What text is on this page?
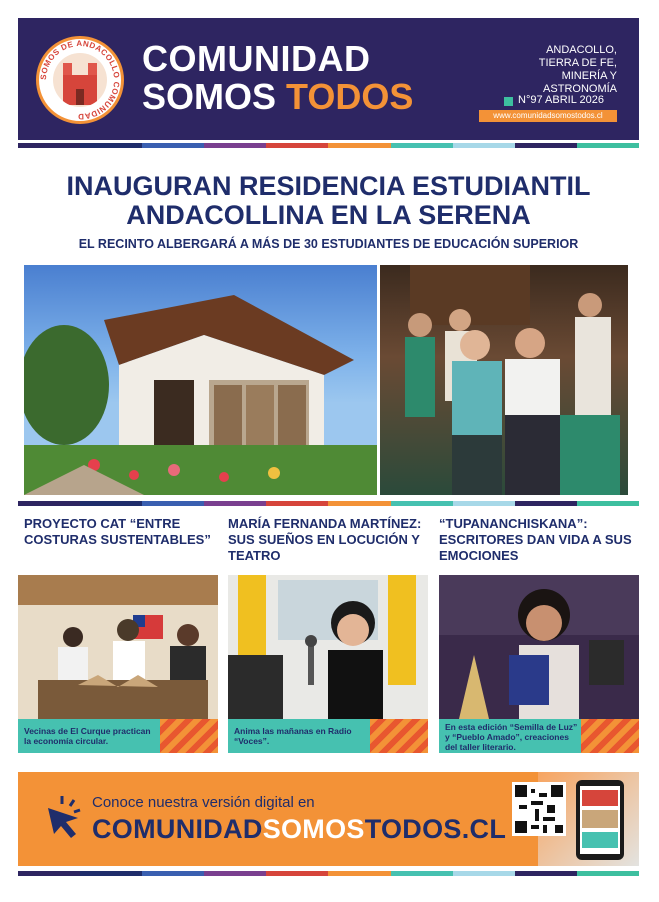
SOMOS DE ANDACOLLO COMUNIDAD
COMUNIDAD
SOMOS TODOS
ANDACOLLO, TIERRA DE FE, MINERÍA Y ASTRONOMÍA
N°97 ABRIL 2026
www.comunidadsomostodos.cl
INAUGURAN RESIDENCIA ESTUDIANTIL ANDACOLLINA EN LA SERENA
EL RECINTO ALBERGARÁ A MÁS DE 30 ESTUDIANTES DE EDUCACIÓN SUPERIOR
PROYECTO CAT “ENTRE COSTURAS SUSTENTABLES”
MARÍA FERNANDA MARTÍNEZ: SUS SUEÑOS EN LOCUCIÓN Y TEATRO
“TUPANANCHISKANA”: ESCRITORES DAN VIDA A SUS EMOCIONES
Vecinas de El Curque practican la economía circular.
Anima las mañanas en Radio “Voces”.
En esta edición “Semilla de Luz” y “Pueblo Amado”, creaciones del taller literario.
Conoce nuestra versión digital en
COMUNIDADSOMOSTODOS.CL
